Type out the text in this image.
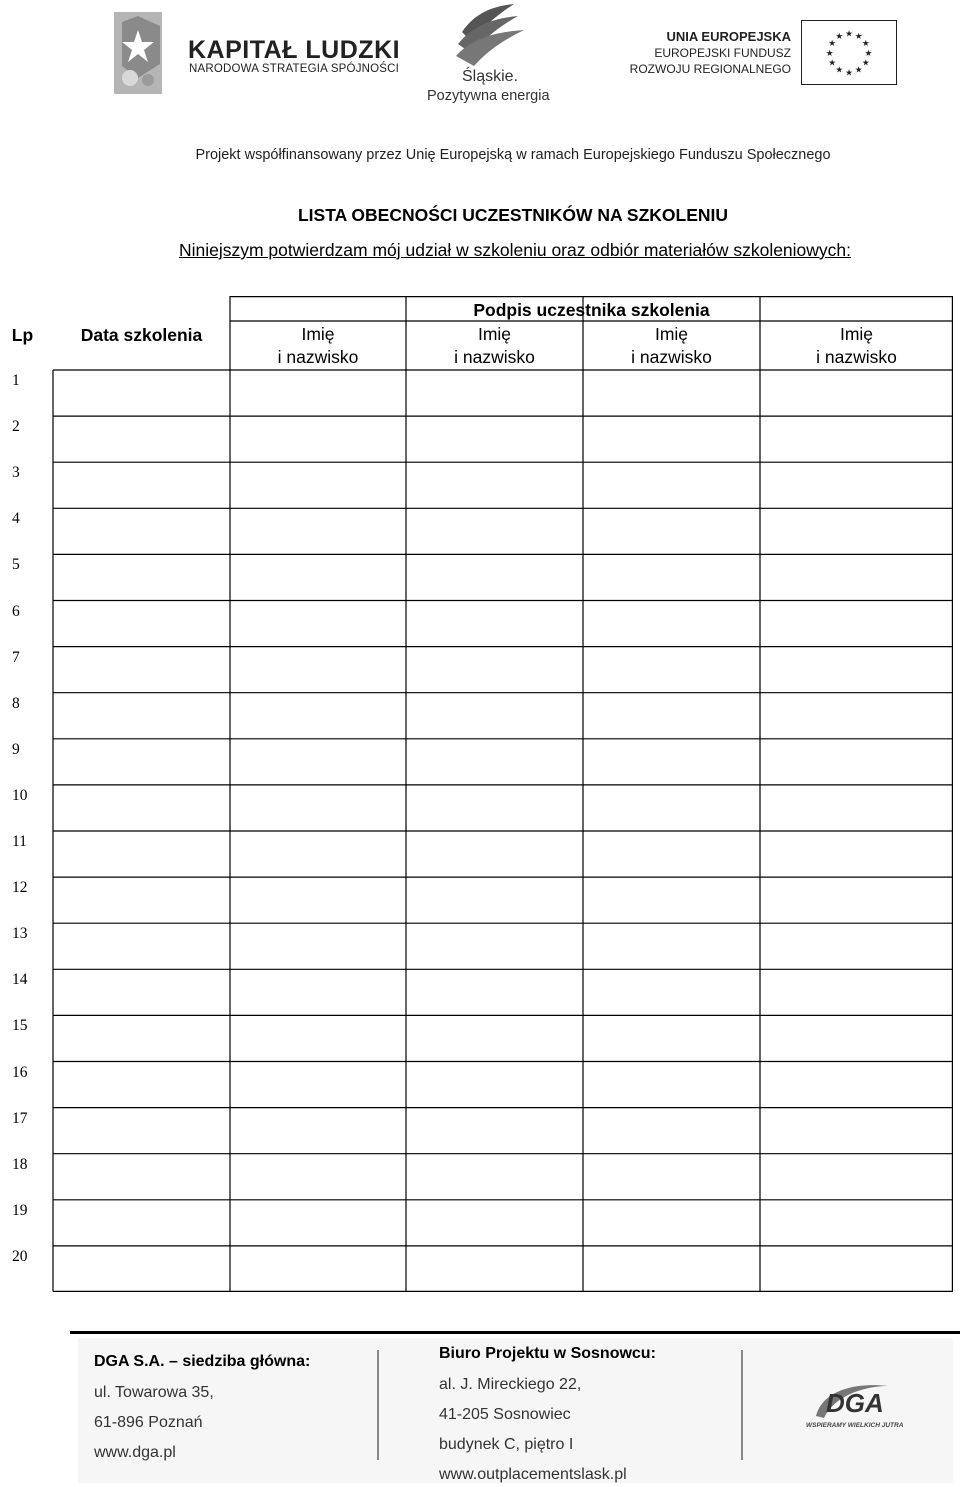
KAPITAŁ LUDZKI
NARODOWA STRATEGIA SPÓJNOŚCI	Śląskie.
Pozytywna energia
UNIA EUROPEJSKA
EUROPEJSKI FUNDUSZ
ROZWOJU REGIONALNEGO
★ ★
★
★
★
★
★
★
★
★
★
★
Projekt współfinansowany przez Unię Europejską w ramach Europejskiego Funduszu Społecznego
LISTA OBECNOŚCI UCZESTNIKÓW NA SZKOLENIU
Niniejszym potwierdzam mój udział w szkoleniu oraz odbiór materiałów szkoleniowych:
Lp	Data szkolenia
Podpis uczestnika szkolenia
Imię
i nazwisko
Imię
i nazwisko
Imię
i nazwisko
Imię
i nazwisko
1
2
3
4
5
6
7
8
9
10
11
12
13
14
15
16
17
18
19
20
DGA S.A. – siedziba główna:
ul. Towarowa 35,
61-896 Poznań
www.dga.pl
Biuro Projektu w Sosnowcu:
al. J. Mireckiego 22,
41-205 Sosnowiec
budynek C, piętro I
www.outplacementslask.pl
DGA
WSPIERAMY WIELKICH JUTRA
